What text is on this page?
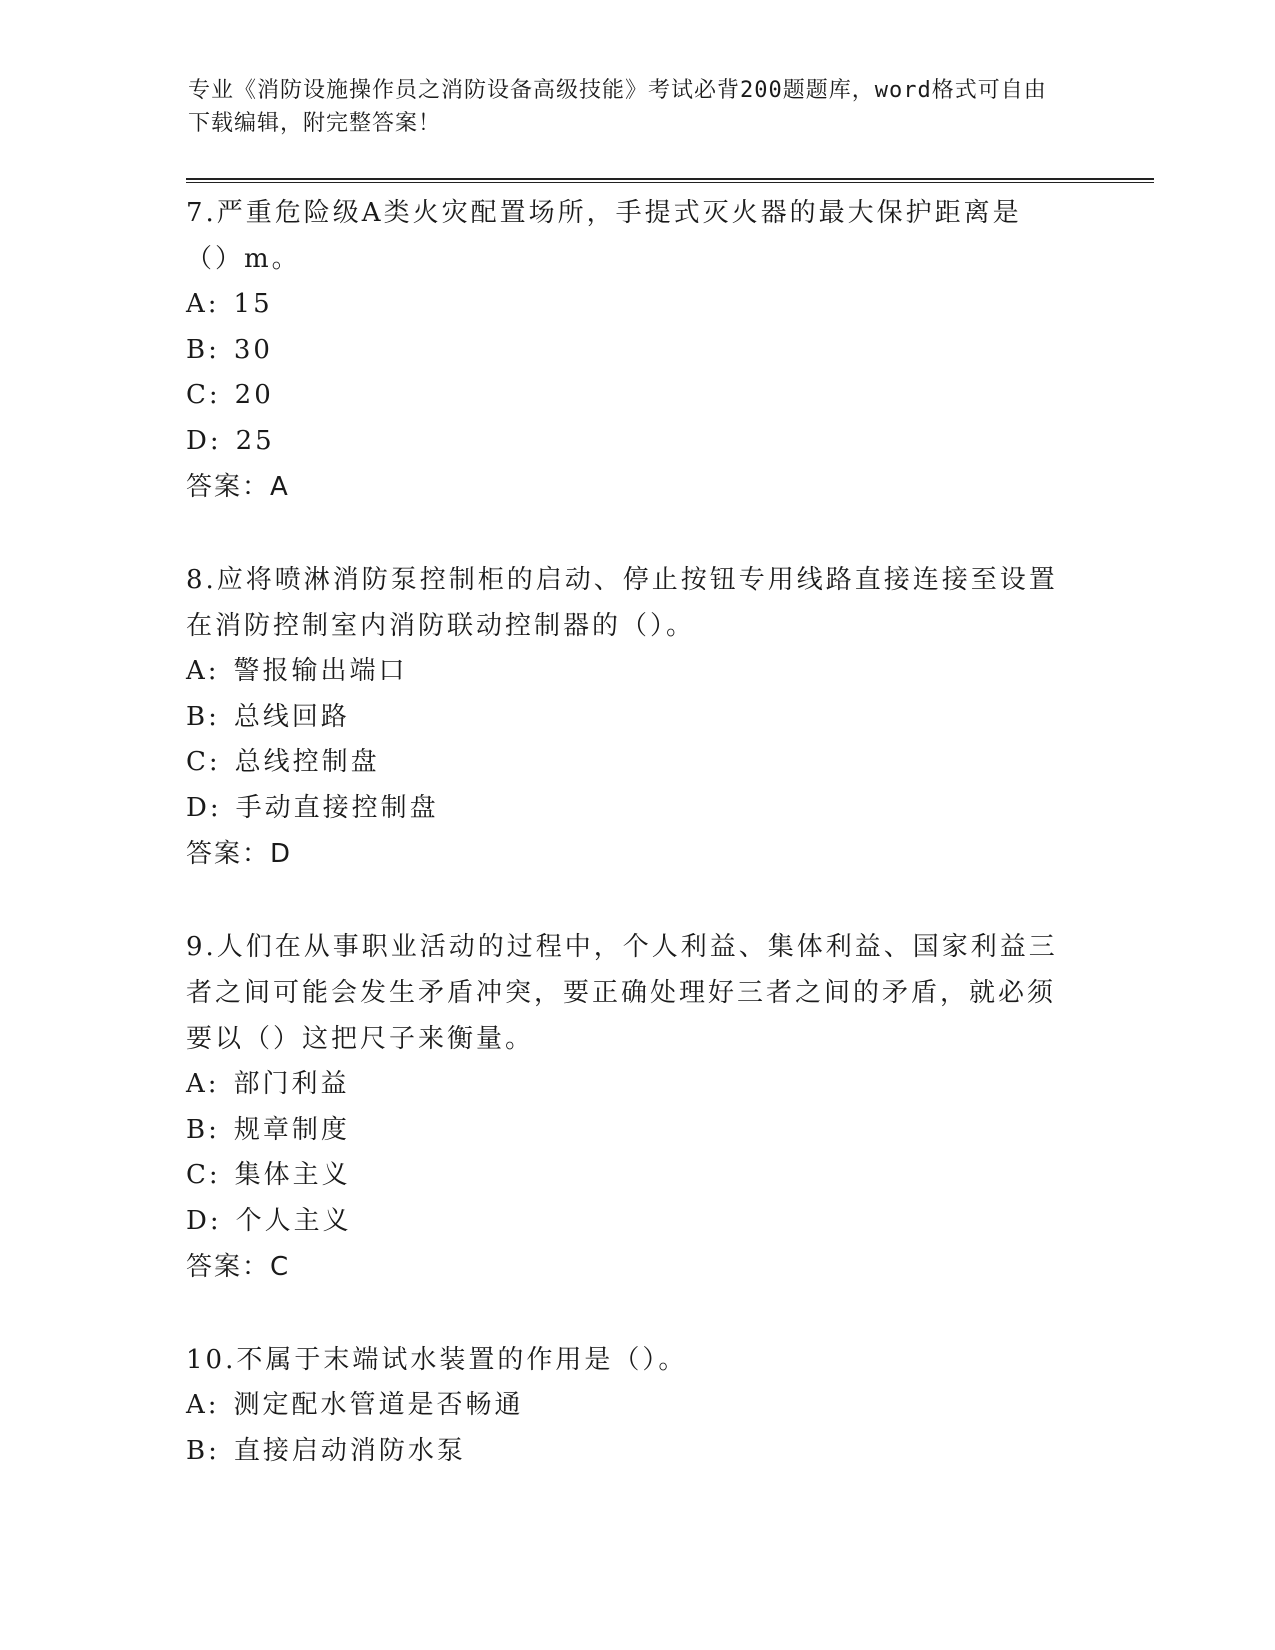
专业《消防设施操作员之消防设备高级技能》考试必背200题题库，word格式可自由下载编辑，附完整答案！

7.严重危险级A类火灾配置场所，手提式灭火器的最大保护距离是（）m。

A: 15

B: 30

C: 20

D: 25

答案：A

8.应将喷淋消防泵控制柜的启动、停止按钮专用线路直接连接至设置在消防控制室内消防联动控制器的（）。

A: 警报输出端口

B: 总线回路

C: 总线控制盘

D: 手动直接控制盘

答案：D

9.人们在从事职业活动的过程中，个人利益、集体利益、国家利益三者之间可能会发生矛盾冲突，要正确处理好三者之间的矛盾，就必须要以（）这把尺子来衡量。

A: 部门利益

B: 规章制度

C: 集体主义

D: 个人主义

答案：C

10.不属于末端试水装置的作用是（）。

A: 测定配水管道是否畅通

B: 直接启动消防水泵
